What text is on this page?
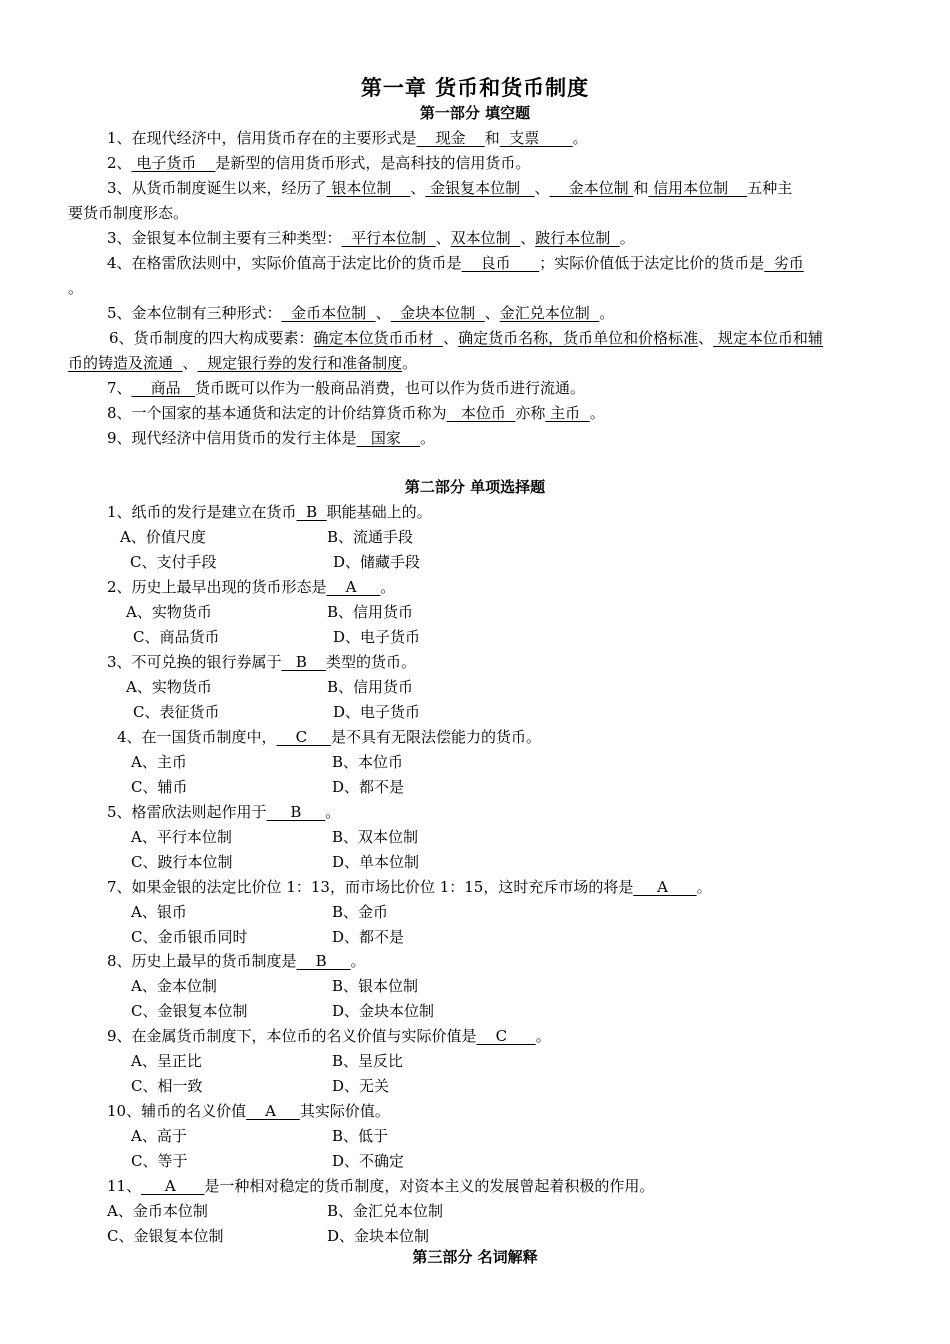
第一章 货币和货币制度
第一部分 填空题
1、在现代经济中，信用货币存在的主要形式是    现金    和  支票       。
2、 电子货币    是新型的信用货币形式，是高科技的信用货币。
3、从货币制度诞生以来，经历了 银本位制    、 金银复本位制   、    金本位制 和 信用本位制    五种主
要货币制度形态。
3、金银复本位制主要有三种类型：  平行本位制  、双本位制  、跛行本位制  。
4、在格雷欣法则中，实际价值高于法定比价的货币是    良币      ；实际价值低于法定比价的货币是  劣币
。
5、金本位制有三种形式：  金币本位制  、  金块本位制  、金汇兑本位制  。
6、货币制度的四大构成要素：确定本位货币币材  、确定货币名称，货币单位和价格标准、 规定本位币和辅
币的铸造及流通  、  规定银行券的发行和准备制度。
7、    商品   货币既可以作为一般商品消费，也可以作为货币进行流通。
8、一个国家的基本通货和法定的计价结算货币称为   本位币  亦称 主币  。
9、现代经济中信用货币的发行主体是   国家    。
第二部分 单项选择题
1、纸币的发行是建立在货币  B  职能基础上的。
A、价值尺度	B、流通手段
C、支付手段	D、储藏手段
2、历史上最早出现的货币形态是    A     。
A、实物货币	B、信用货币
C、商品货币	D、电子货币
3、不可兑换的银行券属于   B    类型的货币。
A、实物货币	B、信用货币
C、表征货币	D、电子货币
4、在一国货币制度中，    C     是不具有无限法偿能力的货币。
A、主币	B、本位币
C、辅币	D、都不是
5、格雷欣法则起作用于     B     。
A、平行本位制	B、双本位制
C、跛行本位制	D、单本位制
7、如果金银的法定比价位 1：13，而市场比价位 1：15，这时充斥市场的将是     A      。
A、银币	B、金币
C、金币银币同时	D、都不是
8、历史上最早的货币制度是    B     。
A、金本位制	B、银本位制
C、金银复本位制	D、金块本位制
9、在金属货币制度下，本位币的名义价值与实际价值是    C      。
A、呈正比	B、呈反比
C、相一致	D、无关
10、辅币的名义价值    A     其实际价值。
A、高于	B、低于
C、等于	D、不确定
11、     A      是一种相对稳定的货币制度，对资本主义的发展曾起着积极的作用。
A、金币本位制	B、金汇兑本位制
C、金银复本位制	D、金块本位制
第三部分 名词解释
